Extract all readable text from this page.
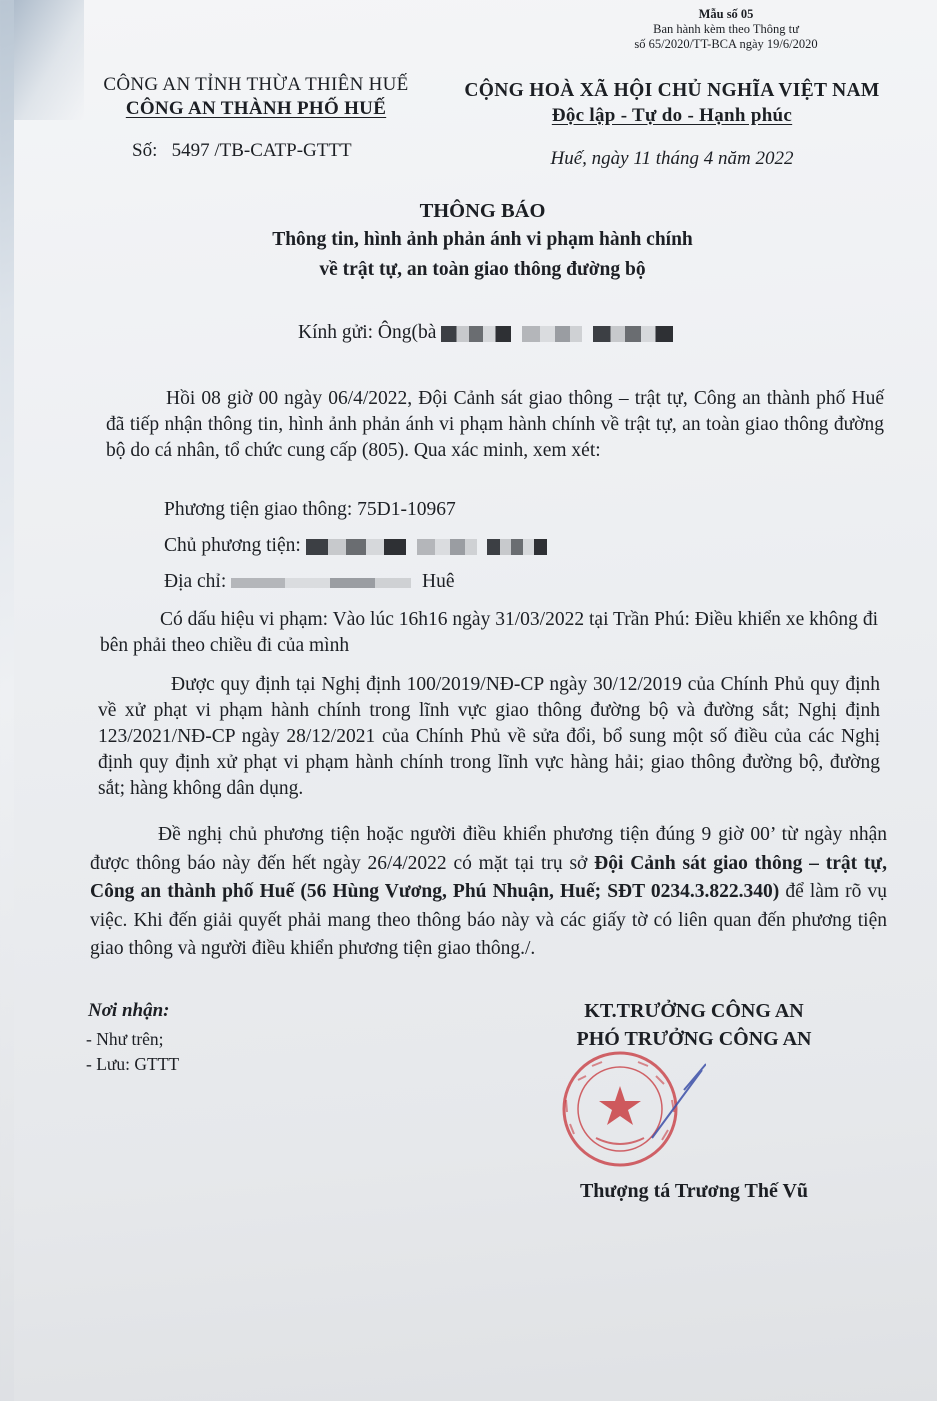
Mẫu số 05
Ban hành kèm theo Thông tư
số 65/2020/TT-BCA ngày 19/6/2020
CÔNG AN TỈNH THỪA THIÊN HUẾ
CÔNG AN THÀNH PHỐ HUẾ
Số: 5497 /TB-CATP-GTTT
CỘNG HOÀ XÃ HỘI CHỦ NGHĨA VIỆT NAM
Độc lập - Tự do - Hạnh phúc
Huế, ngày 11 tháng 4 năm 2022
THÔNG BÁO
Thông tin, hình ảnh phản ánh vi phạm hành chính
về trật tự, an toàn giao thông đường bộ
Kính gửi: Ông(bà
Hồi 08 giờ 00 ngày 06/4/2022, Đội Cảnh sát giao thông – trật tự, Công an thành phố Huế đã tiếp nhận thông tin, hình ảnh phản ánh vi phạm hành chính về trật tự, an toàn giao thông đường bộ do cá nhân, tổ chức cung cấp (805). Qua xác minh, xem xét:
Phương tiện giao thông: 75D1-10967
Chủ phương tiện:
Địa chỉ:	Huê
Có dấu hiệu vi phạm: Vào lúc 16h16 ngày 31/03/2022 tại Trần Phú: Điều khiển xe không đi bên phải theo chiều đi của mình
Được quy định tại Nghị định 100/2019/NĐ-CP ngày 30/12/2019 của Chính Phủ quy định về xử phạt vi phạm hành chính trong lĩnh vực giao thông đường bộ và đường sắt; Nghị định 123/2021/NĐ-CP ngày 28/12/2021 của Chính Phủ về sửa đổi, bổ sung một số điều của các Nghị định quy định xử phạt vi phạm hành chính trong lĩnh vực hàng hải; giao thông đường bộ, đường sắt; hàng không dân dụng.
Đề nghị chủ phương tiện hoặc người điều khiển phương tiện đúng 9 giờ 00’ từ ngày nhận được thông báo này đến hết ngày 26/4/2022 có mặt tại trụ sở Đội Cảnh sát giao thông – trật tự, Công an thành phố Huế (56 Hùng Vương, Phú Nhuận, Huế; SĐT 0234.3.822.340) để làm rõ vụ việc. Khi đến giải quyết phải mang theo thông báo này và các giấy tờ có liên quan đến phương tiện giao thông và người điều khiển phương tiện giao thông./.
Nơi nhận:
- Như trên;
- Lưu: GTTT
KT.TRƯỞNG CÔNG AN
PHÓ TRƯỞNG CÔNG AN
Thượng tá Trương Thế Vũ
